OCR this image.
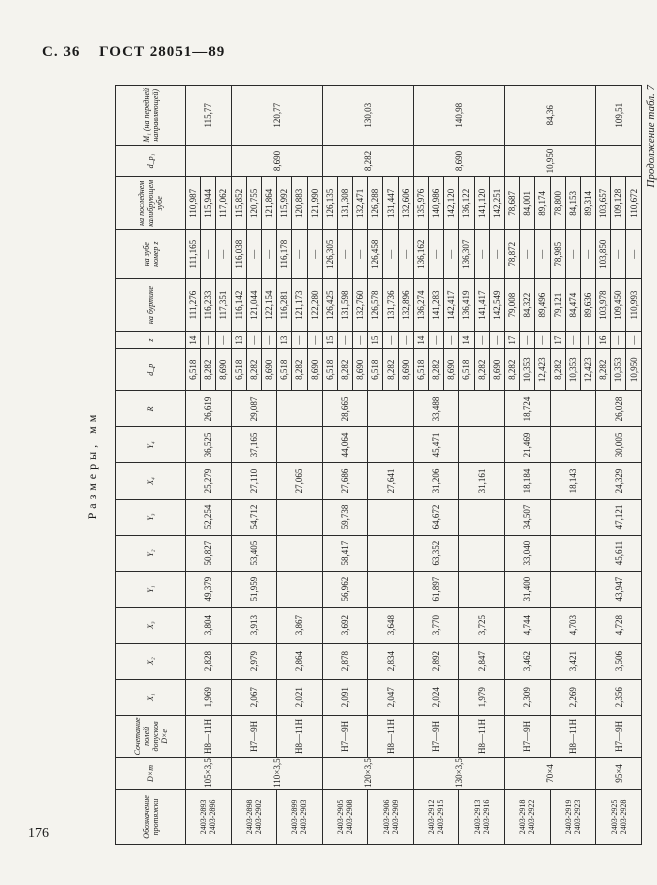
С. 36 ГОСТ 28051—89
Размеры, мм
Обозначение протяжки	D×m	Сочетание полей допусков D×e	X₁	X₂	X₃	Y₁	Y₂	Y₃	X₄	Y₄	R	d_p	z	на буртике	на зубе номер z	на последнем калибрующем зубе	d_p₁	M₁ (на передней направляющей)
2403-2893 2403-2896	105×3,5	H8—11H	1,969	2,828	3,804	49,379	50,827	52,254	25,279	36,525	26,619	6,518	14	111,276	111,165	110,987		115,77
												8,282	—	116,233	—	115,944		
												8,690	—	117,351	—	117,062		
2403-2898 2403-2902	110×3,5	H7—9H	2,067	2,979	3,913	51,959	53,405	54,712	27,110	37,165	29,087	6,518	13	116,142	116,038	115,852	8,690	120,77
												8,282	—	121,044	—	120,755		
												8,690	—	122,154	—	121,864		
2403-2899 2403-2903		H8—11H	2,021	2,864	3,867				27,065			6,518	13	116,281	116,178	115,992		
												8,282	—	121,173	—	120,883		
												8,690	—	122,280	—	121,990		
2403-2905 2403-2908	120×3,5	H7—9H	2,091	2,878	3,692	56,962	58,417	59,738	27,686	44,064	28,665	6,518	15	126,425	126,305	126,135	8,282	130,03
												8,282	—	131,598	—	131,308		
												8,690	—	132,760	—	132,471		
2403-2906 2403-2909		H8—11H	2,047	2,834	3,648				27,641			6,518	15	126,578	126,458	126,288		
												8,282	—	131,736	—	131,447		
												8,690	—	132,896	—	132,606		
2403-2912 2403-2915	130×3,5	H7—9H	2,024	2,892	3,770	61,897	63,352	64,672	31,206	45,471	33,488	6,518	14	136,274	136,162	135,976	8,690	140,98
												8,282	—	141,283	—	140,986		
												8,690	—	142,417	—	142,120		
2403-2913 2403-2916		H8—11H	1,979	2,847	3,725				31,161			6,518	14	136,419	136,307	136,122		
												8,282	—	141,417	—	141,120		
												8,690	—	142,549	—	142,251		
2403-2918 2403-2922	70×4	H7—9H	2,309	3,462	4,744	31,400	33,040	34,507	18,184	21,469	18,724	8,282	17	79,008	78,872	78,687	10,950	84,36
												10,353	—	84,322	—	84,001		
												12,423	—	89,496	—	89,174		
2403-2919 2403-2923		H8—11H	2,269	3,421	4,703				18,143			8,282	17	79,121	78,985	78,800		
												10,353	—	84,474	—	84,153		
												12,423	—	89,636	—	89,314		
2403-2925 2403-2928	95×4	H7—9H	2,356	3,506	4,728	43,947	45,611	47,121	24,329	30,005	26,028	8,282	16	103,978	103,850	103,657		109,51
												10,353	—	109,450	—	109,128		
												10,950	—	110,993	—	110,672		
Продолжение табл. 7
176
